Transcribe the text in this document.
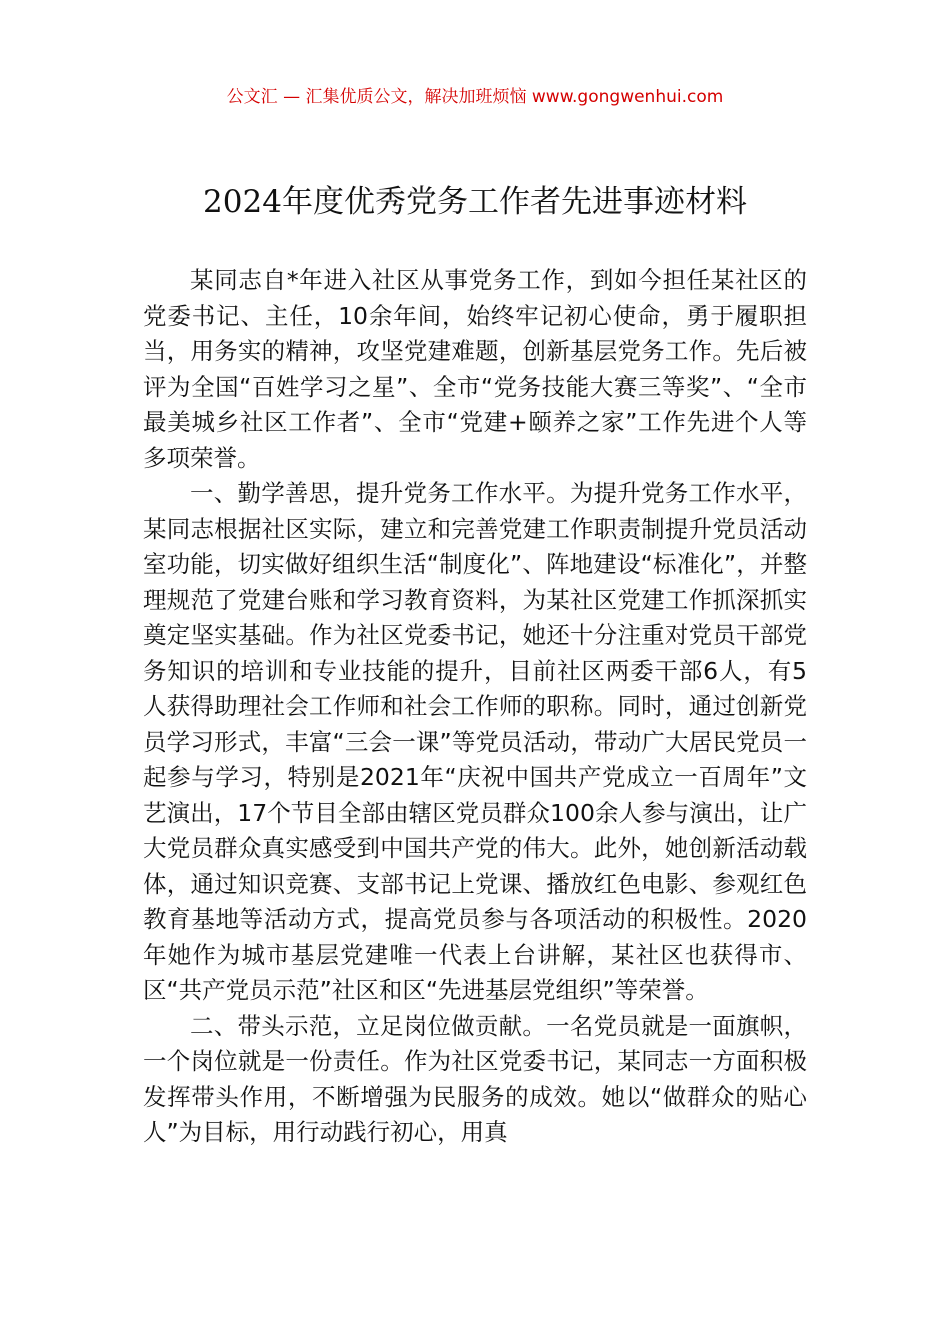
公文汇 — 汇集优质公文，解决加班烦恼 www.gongwenhui.com
2024年度优秀党务工作者先进事迹材料

某同志自*年进入社区从事党务工作，到如今担任某社区的党委书记、主任，10余年间，始终牢记初心使命，勇于履职担当，用务实的精神，攻坚党建难题，创新基层党务工作。先后被评为全国“百姓学习之星”、全市“党务技能大赛三等奖”、“全市最美城乡社区工作者”、全市“党建+颐养之家”工作先进个人等多项荣誉。

一、勤学善思，提升党务工作水平。为提升党务工作水平，某同志根据社区实际，建立和完善党建工作职责制提升党员活动室功能，切实做好组织生活“制度化”、阵地建设“标准化”，并整理规范了党建台账和学习教育资料，为某社区党建工作抓深抓实奠定坚实基础。作为社区党委书记，她还十分注重对党员干部党务知识的培训和专业技能的提升，目前社区两委干部6人，有5人获得助理社会工作师和社会工作师的职称。同时，通过创新党员学习形式，丰富“三会一课”等党员活动，带动广大居民党员一起参与学习，特别是2021年“庆祝中国共产党成立一百周年”文艺演出，17个节目全部由辖区党员群众100余人参与演出，让广大党员群众真实感受到中国共产党的伟大。此外，她创新活动载体，通过知识竞赛、支部书记上党课、播放红色电影、参观红色教育基地等活动方式，提高党员参与各项活动的积极性。2020年她作为城市基层党建唯一代表上台讲解，某社区也获得市、区“共产党员示范”社区和区“先进基层党组织”等荣誉。

二、带头示范，立足岗位做贡献。一名党员就是一面旗帜，一个岗位就是一份责任。作为社区党委书记，某同志一方面积极发挥带头作用，不断增强为民服务的成效。她以“做群众的贴心人”为目标，用行动践行初心，用真
